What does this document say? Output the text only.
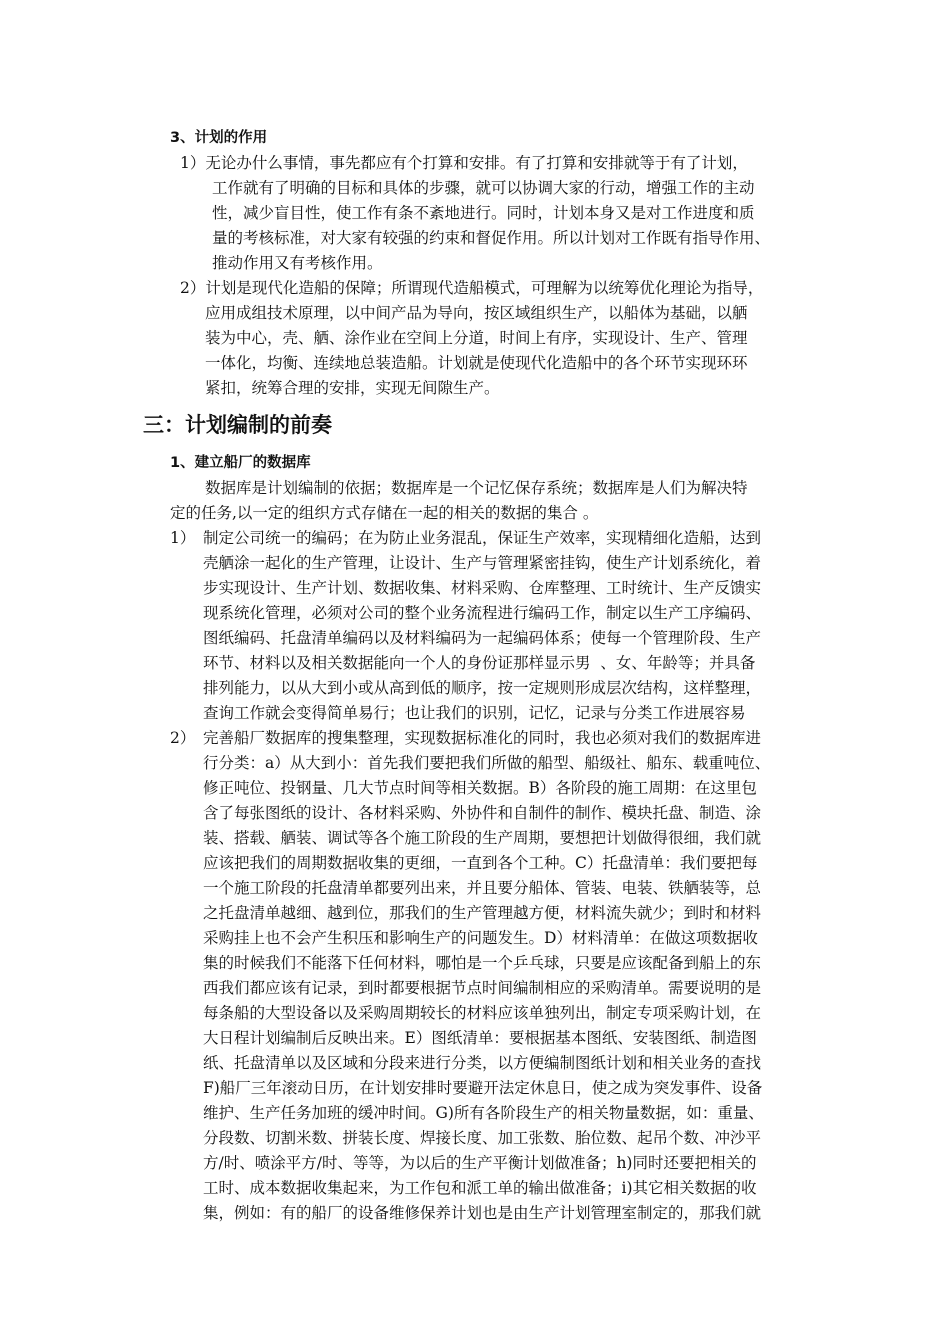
3、计划的作用
1）无论办什么事情，事先都应有个打算和安排。有了打算和安排就等于有了计划，
工作就有了明确的目标和具体的步骤，就可以协调大家的行动，增强工作的主动
性，减少盲目性，使工作有条不紊地进行。同时，计划本身又是对工作进度和质
量的考核标准，对大家有较强的约束和督促作用。所以计划对工作既有指导作用、
推动作用又有考核作用。
2）计划是现代化造船的保障；所谓现代造船模式，可理解为以统筹优化理论为指导，
应用成组技术原理，以中间产品为导向，按区域组织生产，以船体为基础，以舾
装为中心，壳、舾、涂作业在空间上分道，时间上有序，实现设计、生产、管理
一体化，均衡、连续地总装造船。计划就是使现代化造船中的各个环节实现环环
紧扣，统筹合理的安排，实现无间隙生产。
三：计划编制的前奏
1、建立船厂的数据库
数据库是计划编制的依据；数据库是一个记忆保存系统；数据库是人们为解决特
定的任务,以一定的组织方式存储在一起的相关的数据的集合 。
1） 制定公司统一的编码；在为防止业务混乱，保证生产效率，实现精细化造船，达到
壳舾涂一起化的生产管理，让设计、生产与管理紧密挂钩，使生产计划系统化，着
步实现设计、生产计划、数据收集、材料采购、仓库整理、工时统计、生产反馈实
现系统化管理，必须对公司的整个业务流程进行编码工作，制定以生产工序编码、
图纸编码、托盘清单编码以及材料编码为一起编码体系；使每一个管理阶段、生产
环节、材料以及相关数据能向一个人的身份证那样显示男  、女、年龄等；并具备
排列能力，以从大到小或从高到低的顺序，按一定规则形成层次结构，这样整理，
查询工作就会变得简单易行；也让我们的识别，记忆，记录与分类工作进展容易
2） 完善船厂数据库的搜集整理，实现数据标准化的同时，我也必须对我们的数据库进
行分类：a）从大到小：首先我们要把我们所做的船型、船级社、船东、载重吨位、
修正吨位、投钢量、几大节点时间等相关数据。B）各阶段的施工周期：在这里包
含了每张图纸的设计、各材料采购、外协件和自制件的制作、模块托盘、制造、涂
装、搭载、舾装、调试等各个施工阶段的生产周期，要想把计划做得很细，我们就
应该把我们的周期数据收集的更细，一直到各个工种。C）托盘清单：我们要把每
一个施工阶段的托盘清单都要列出来，并且要分船体、管装、电装、铁舾装等，总
之托盘清单越细、越到位，那我们的生产管理越方便，材料流失就少；到时和材料
采购挂上也不会产生积压和影响生产的问题发生。D）材料清单：在做这项数据收
集的时候我们不能落下任何材料，哪怕是一个乒乓球，只要是应该配备到船上的东
西我们都应该有记录，到时都要根据节点时间编制相应的采购清单。需要说明的是
每条船的大型设备以及采购周期较长的材料应该单独列出，制定专项采购计划，在
大日程计划编制后反映出来。E）图纸清单：要根据基本图纸、安装图纸、制造图
纸、托盘清单以及区域和分段来进行分类，以方便编制图纸计划和相关业务的查找
F)船厂三年滚动日历，在计划安排时要避开法定休息日，使之成为突发事件、设备
维护、生产任务加班的缓冲时间。G)所有各阶段生产的相关物量数据，如：重量、
分段数、切割米数、拼装长度、焊接长度、加工张数、胎位数、起吊个数、冲沙平
方/时、喷涂平方/时、等等，为以后的生产平衡计划做准备；h)同时还要把相关的
工时、成本数据收集起来，为工作包和派工单的输出做准备；i)其它相关数据的收
集，例如：有的船厂的设备维修保养计划也是由生产计划管理室制定的，那我们就
